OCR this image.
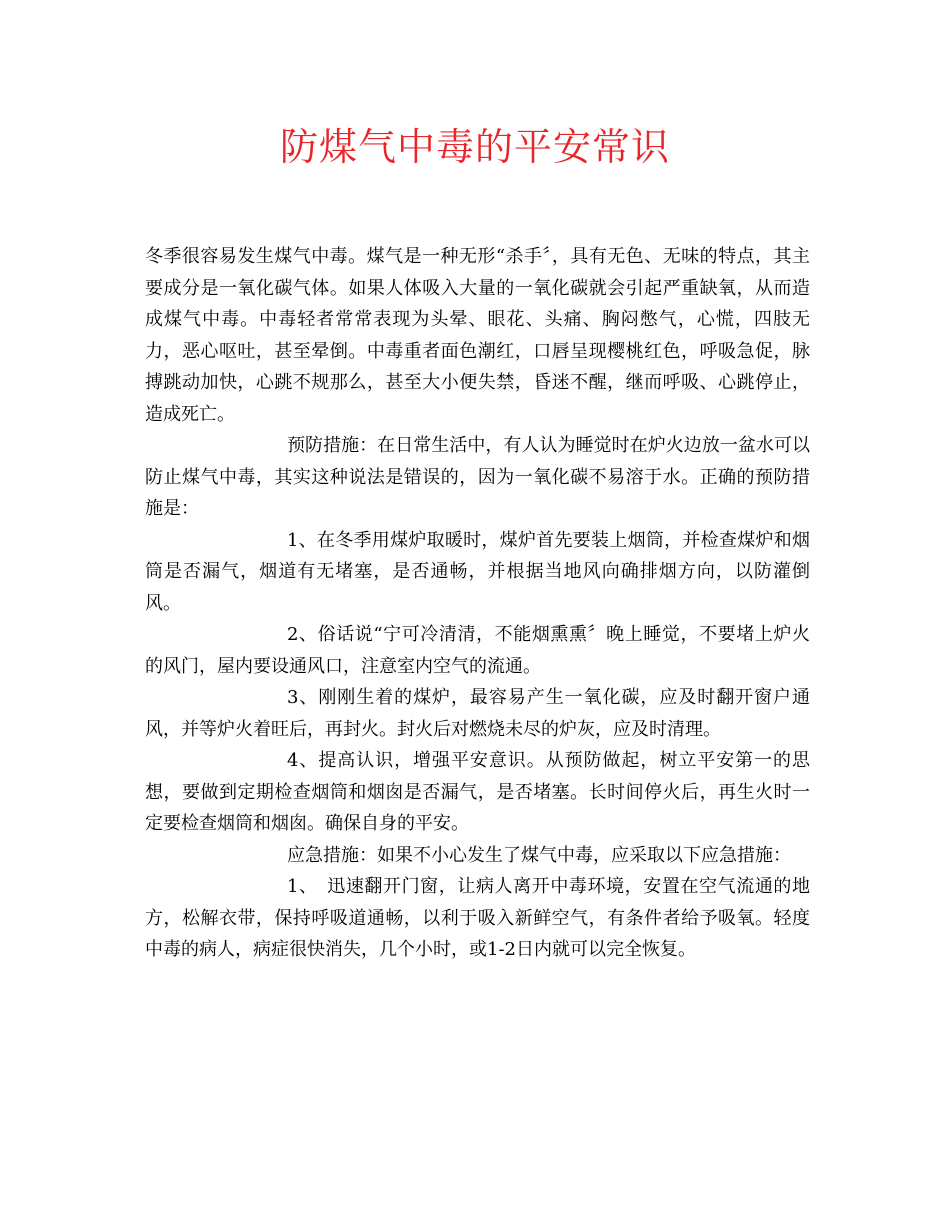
防煤气中毒的平安常识

冬季很容易发生煤气中毒。煤气是一种无形“杀手〞，具有无色、无味的特点，其主要成分是一氧化碳气体。如果人体吸入大量的一氧化碳就会引起严重缺氧，从而造成煤气中毒。中毒轻者常常表现为头晕、眼花、头痛、胸闷憋气，心慌，四肢无力，恶心呕吐，甚至晕倒。中毒重者面色潮红，口唇呈现樱桃红色，呼吸急促，脉搏跳动加快，心跳不规那么，甚至大小便失禁，昏迷不醒，继而呼吸、心跳停止，造成死亡。

预防措施：在日常生活中，有人认为睡觉时在炉火边放一盆水可以防止煤气中毒，其实这种说法是错误的，因为一氧化碳不易溶于水。正确的预防措施是：

1、在冬季用煤炉取暖时，煤炉首先要装上烟筒，并检查煤炉和烟筒是否漏气，烟道有无堵塞，是否通畅，并根据当地风向确排烟方向，以防灌倒风。

2、俗话说“宁可冷清清，不能烟熏熏〞晚上睡觉，不要堵上炉火的风门，屋内要设通风口，注意室内空气的流通。

3、刚刚生着的煤炉，最容易产生一氧化碳，应及时翻开窗户通风，并等炉火着旺后，再封火。封火后对燃烧未尽的炉灰，应及时清理。

4、提高认识，增强平安意识。从预防做起，树立平安第一的思想，要做到定期检查烟筒和烟囱是否漏气，是否堵塞。长时间停火后，再生火时一定要检查烟筒和烟囱。确保自身的平安。

应急措施：如果不小心发生了煤气中毒，应采取以下应急措施：

1、　迅速翻开门窗，让病人离开中毒环境，安置在空气流通的地方，松解衣带，保持呼吸道通畅，以利于吸入新鲜空气，有条件者给予吸氧。轻度中毒的病人，病症很快消失，几个小时，或1-2日内就可以完全恢复。
